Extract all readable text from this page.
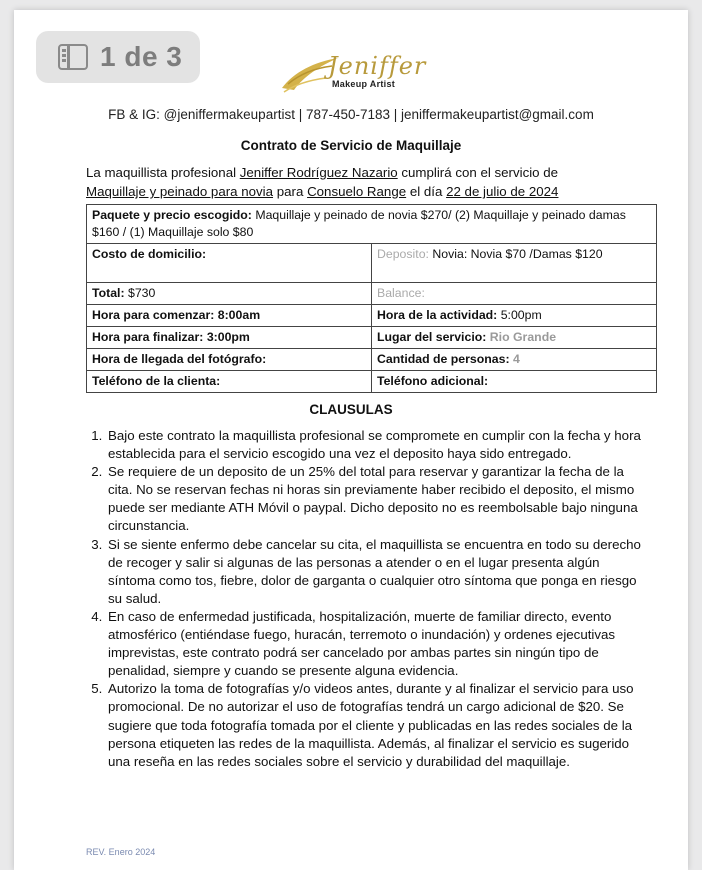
1 de 3	Jeniffer
Makeup Artist
FB & IG: @jeniffermakeupartist | 787-450-7183 | jeniffermakeupartist@gmail.com
Contrato de Servicio de Maquillaje
La maquillista profesional Jeniffer Rodríguez Nazario cumplirá con el servicio de
Maquillaje y peinado para novia para Consuelo Range el día 22 de julio de 2024
Paquete y precio escogido: Maquillaje y peinado de novia $270/ (2) Maquillaje y peinado damas $160 / (1) Maquillaje solo $80	
Costo de domicilio:	Deposito: Novia: Novia $70 /Damas $120
Total: $730	Balance:
Hora para comenzar: 8:00am	Hora de la actividad: 5:00pm
Hora para finalizar: 3:00pm	Lugar del servicio: Rio Grande
Hora de llegada del fotógrafo:	Cantidad de personas: 4
Teléfono de la clienta:	Teléfono adicional:
CLAUSULAS
1. Bajo este contrato la maquillista profesional se compromete en cumplir con la fecha y hora establecida para el servicio escogido una vez el deposito haya sido entregado.
2. Se requiere de un deposito de un 25% del total para reservar y garantizar la fecha de la cita. No se reservan fechas ni horas sin previamente haber recibido el deposito, el mismo puede ser mediante ATH Móvil o paypal. Dicho deposito no es reembolsable bajo ninguna circunstancia.
3. Si se siente enfermo debe cancelar su cita, el maquillista se encuentra en todo su derecho de recoger y salir si algunas de las personas a atender o en el lugar presenta algún síntoma como tos, fiebre, dolor de garganta o cualquier otro síntoma que ponga en riesgo su salud.
4. En caso de enfermedad justificada, hospitalización, muerte de familiar directo, evento atmosférico (entiéndase fuego, huracán, terremoto o inundación) y ordenes ejecutivas imprevistas, este contrato podrá ser cancelado por ambas partes sin ningún tipo de penalidad, siempre y cuando se presente alguna evidencia.
5. Autorizo la toma de fotografías y/o videos antes, durante y al finalizar el servicio para uso promocional. De no autorizar el uso de fotografías tendrá un cargo adicional de $20. Se sugiere que toda fotografía tomada por el cliente y publicadas en las redes sociales de la persona etiqueten las redes de la maquillista. Además, al finalizar el servicio es sugerido una reseña en las redes sociales sobre el servicio y durabilidad del maquillaje.
REV. Enero 2024
